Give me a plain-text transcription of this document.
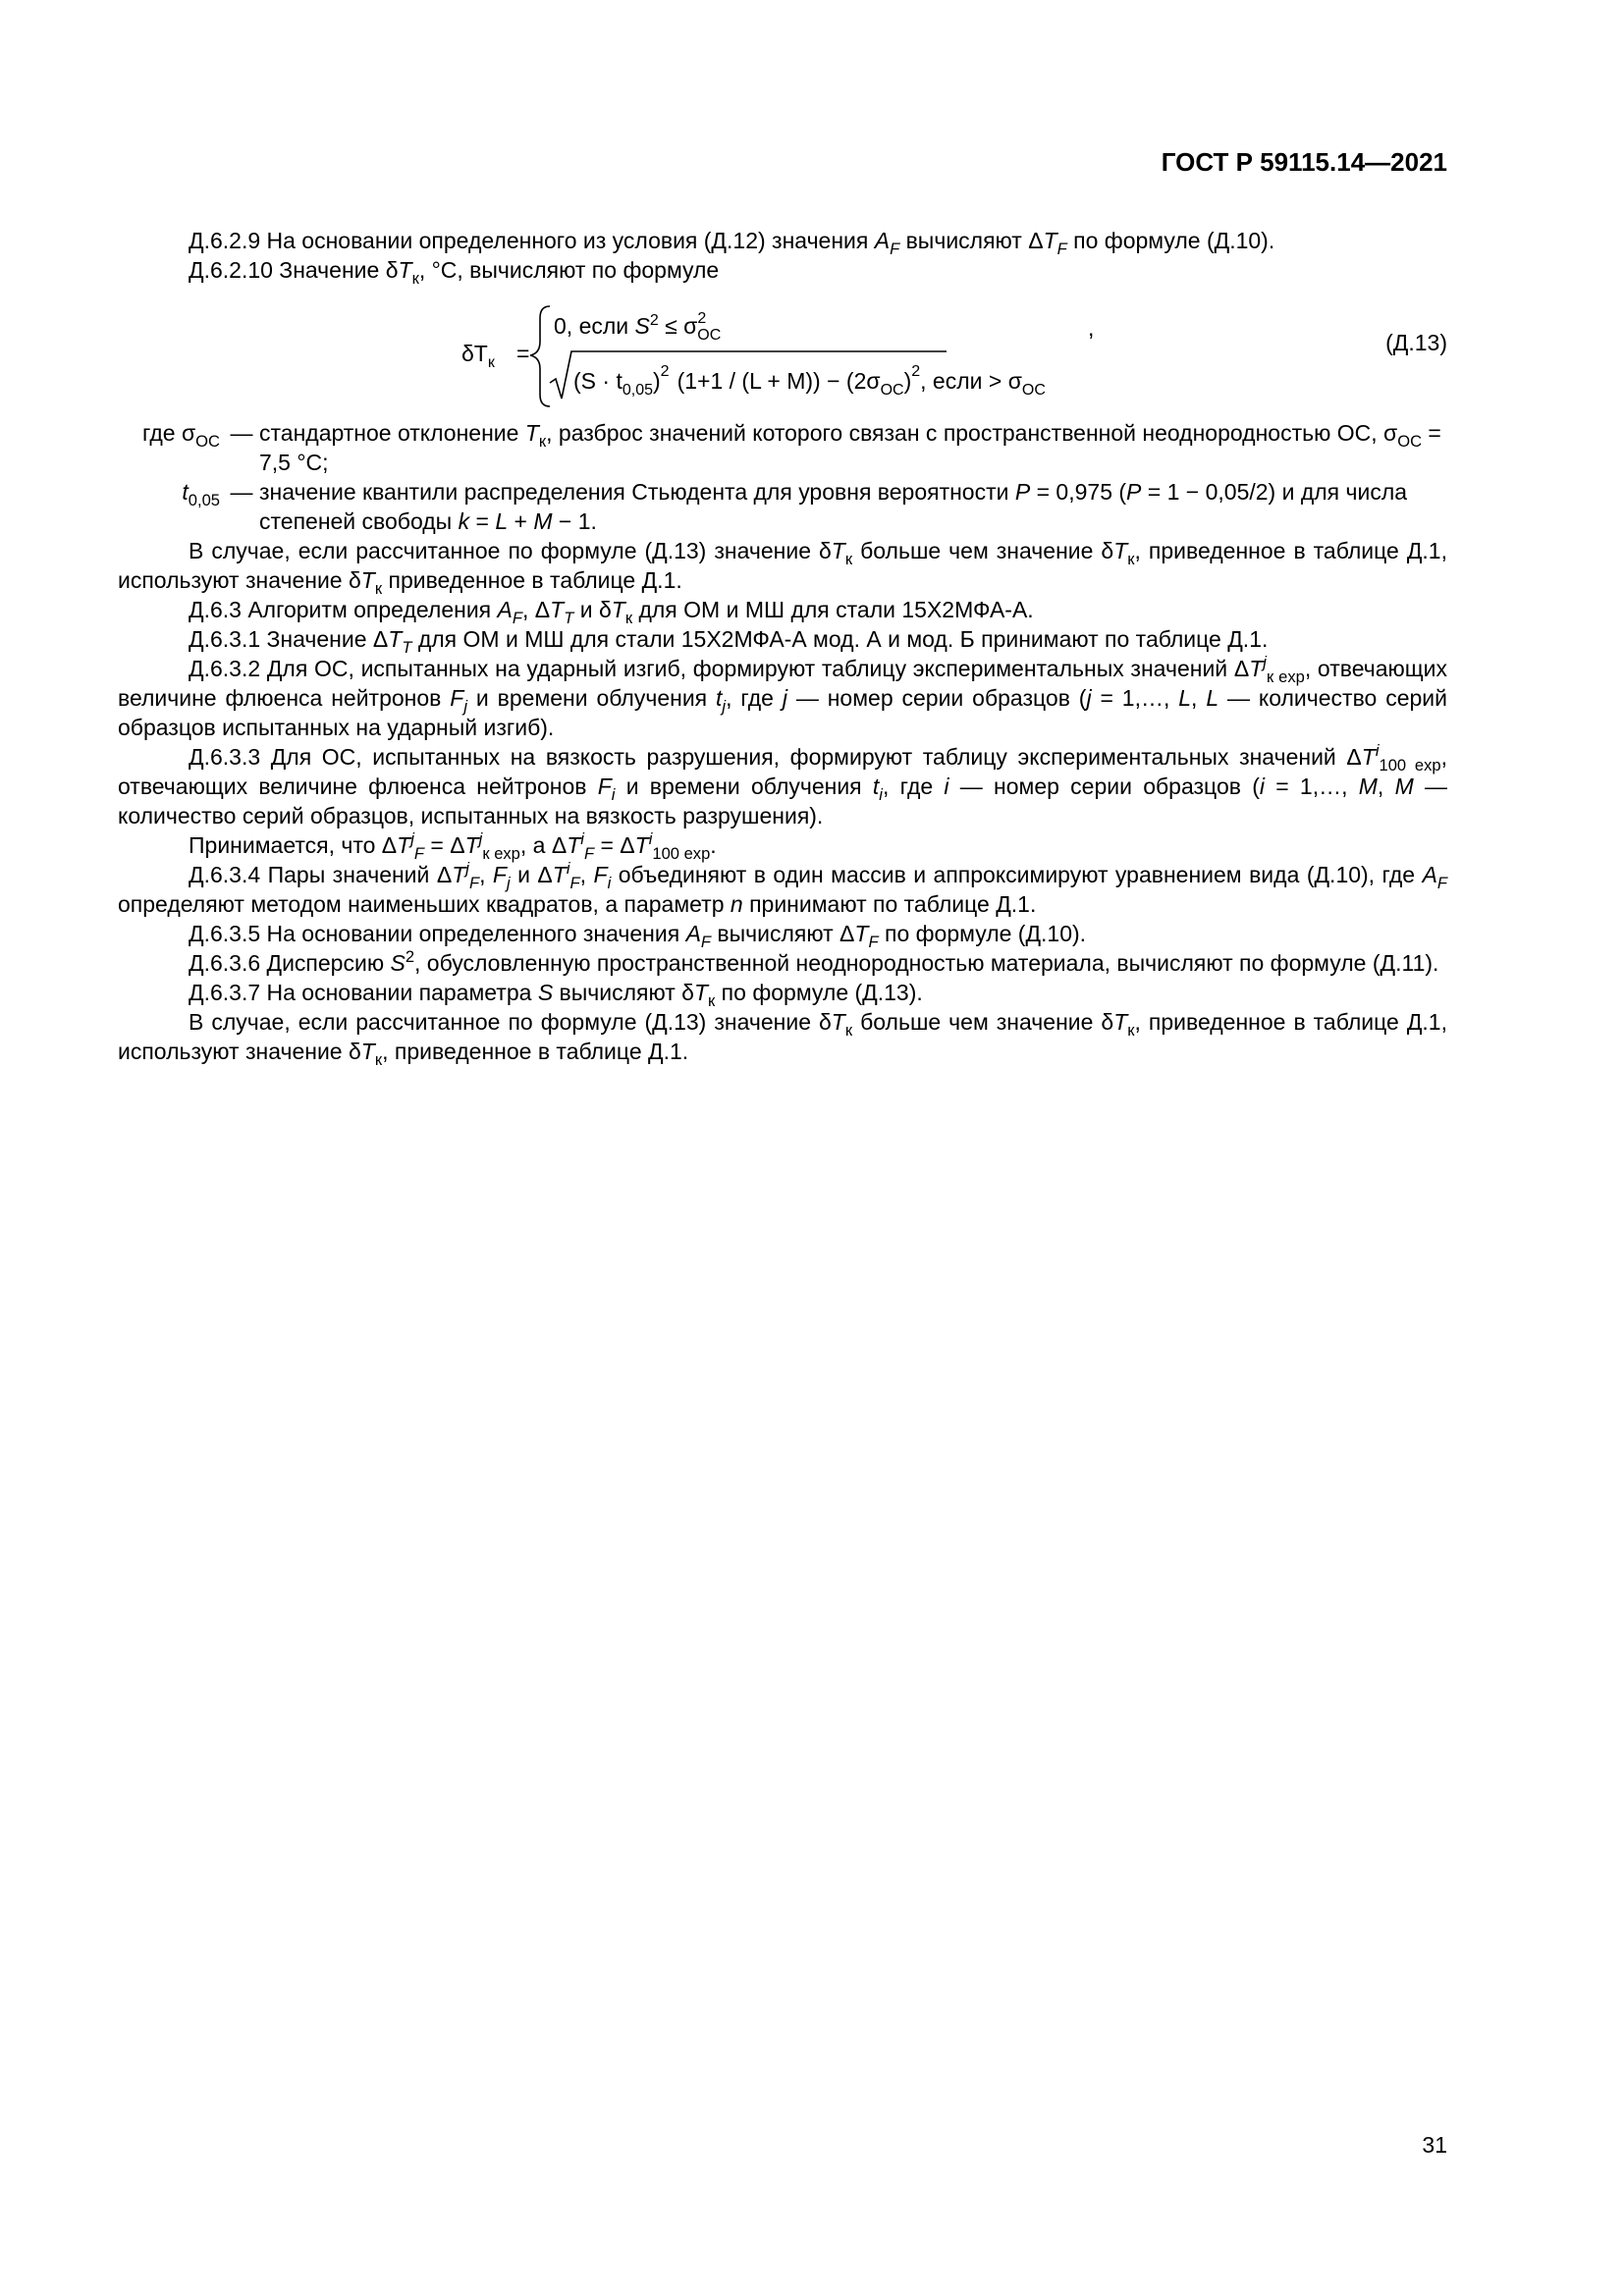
ГОСТ Р 59115.14—2021

Д.6.2.9 На основании определенного из условия (Д.12) значения $A_F$ вычисляют $\Delta T_F$ по формуле (Д.10).

Д.6.2.10 Значение $\delta T_к$, °С, вычисляют по формуле

$\delta T_к$ =
0, если $S^2 \le \sigma^2$ ОС
$(S \cdot t_{0,05})^2$ $(1+1 / (L + M)) - (2\sigma_{ОС})^2$, если > $\sigma_{ОС}$
,
(Д.13)
где $\sigma_{ОС}$ — стандартное отклонение $T_к$, разброс значений которого связан с пространственной неоднородностью ОС, $\sigma_{ОС} = 7,5$ °С;
$t_{0,05}$ — значение квантили распределения Стьюдента для уровня вероятности P = 0,975 (P = 1 − 0,05/2) и для числа степеней свободы k = L + M − 1.

В случае, если рассчитанное по формуле (Д.13) значение $\delta T_к$ больше чем значение $\delta T_к$, приведенное в таблице Д.1, используют значение $\delta T_к$ приведенное в таблице Д.1.

Д.6.3 Алгоритм определения $A_F$, $\Delta T_T$ и $\delta T_к$ для ОМ и МШ для стали 15Х2МФА-А.

Д.6.3.1 Значение $\Delta T_T$ для ОМ и МШ для стали 15Х2МФА-А мод. А и мод. Б принимают по таблице Д.1.

Д.6.3.2 Для ОС, испытанных на ударный изгиб, формируют таблицу экспериментальных значений $\Delta T^j_{к exp}$, отвечающих величине флюенса нейтронов $F_j$ и времени облучения $t_j$, где j — номер серии образцов (j = 1,…, L, L — количество серий образцов испытанных на ударный изгиб).

Д.6.3.3 Для ОС, испытанных на вязкость разрушения, формируют таблицу экспериментальных значений $\Delta T^i_{100 exp}$, отвечающих величине флюенса нейтронов $F_i$ и времени облучения $t_i$, где i — номер серии образцов (i = 1,…, M, M — количество серий образцов, испытанных на вязкость разрушения).

Принимается, что $\Delta T^j_F = \Delta T^j_{к exp}$, а $\Delta T^i_F = \Delta T^i_{100 exp}$.

Д.6.3.4 Пары значений $\Delta T^j_F$, $F_j$ и $\Delta T^i_F$, $F_i$ объединяют в один массив и аппроксимируют уравнением вида (Д.10), где $A_F$ определяют методом наименьших квадратов, а параметр n принимают по таблице Д.1.

Д.6.3.5 На основании определенного значения $A_F$ вычисляют $\Delta T_F$ по формуле (Д.10).

Д.6.3.6 Дисперсию $S^2$, обусловленную пространственной неоднородностью материала, вычисляют по формуле (Д.11).

Д.6.3.7 На основании параметра S вычисляют $\delta T_к$ по формуле (Д.13).

В случае, если рассчитанное по формуле (Д.13) значение $\delta T_к$ больше чем значение $\delta T_к$, приведенное в таблице Д.1, используют значение $\delta T_к$, приведенное в таблице Д.1.

31
